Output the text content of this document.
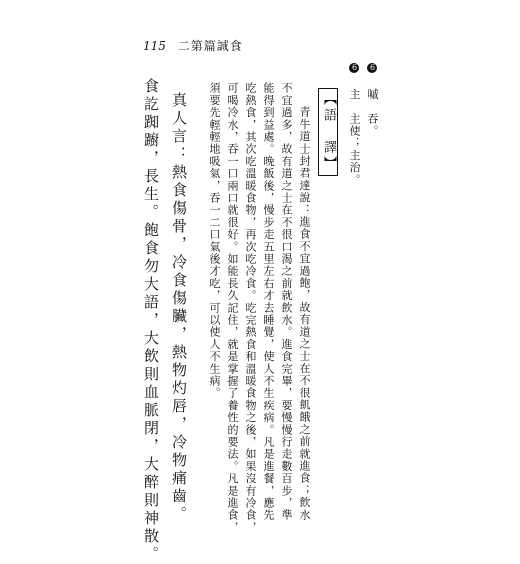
115 二第篇誠食
6 嘁　吞。
6 主　主使；主治。
【語　譯】
青牛道士封君達說：進食不宜過飽，故有道之士在不很飢餓之前就進食；飲水
不宜過多，故有道之士在不很口渴之前就飲水。進食完畢，要慢慢行走數百步，準
能得到益處。晚飯後，慢步走五里左右才去睡覺，使人不生疾病。凡是進餐，應先
吃熱食，其次吃溫暖食物，再次吃冷食。吃完熱食和溫暖食物之後，如果沒有冷食，
可喝冷水，吞一口兩口就很好。如能長久記住，就是掌握了養性的要法。凡是進食，
須要先輕輕地吸氣，吞一二口氣後才吃，可以使人不生病。
真人言：熱食傷骨，冷食傷臟，熱物灼唇，冷物痛齒。
食訖踟躕，長生。飽食勿大語，大飲則血脈閉，大醉則神散。
